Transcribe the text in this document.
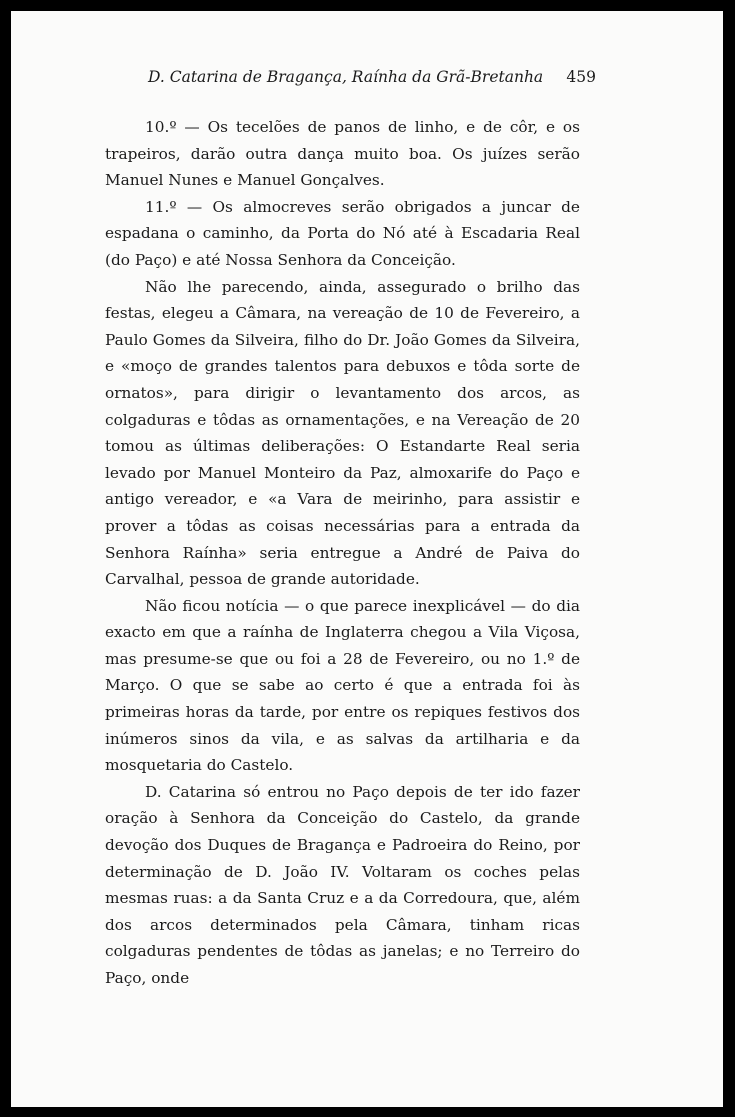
D. Catarina de Bragança, Raínha da Grã-Bretanha 459

10.º — Os tecelões de panos de linho, e de côr, e os trapeiros, darão outra dança muito boa. Os juízes serão Manuel Nunes e Manuel Gonçalves.

11.º — Os almocreves serão obrigados a juncar de espadana o caminho, da Porta do Nó até à Escadaria Real (do Paço) e até Nossa Senhora da Conceição.

Não lhe parecendo, ainda, assegurado o brilho das festas, elegeu a Câmara, na vereação de 10 de Fevereiro, a Paulo Gomes da Silveira, filho do Dr. João Gomes da Silveira, e «moço de grandes talentos para debuxos e tôda sorte de ornatos», para dirigir o levantamento dos arcos, as colgaduras e tôdas as ornamentações, e na Vereação de 20 tomou as últimas deliberações: O Estandarte Real seria levado por Manuel Monteiro da Paz, almoxarife do Paço e antigo vereador, e «a Vara de meirinho, para assistir e prover a tôdas as coisas necessárias para a entrada da Senhora Raínha» seria entregue a André de Paiva do Carvalhal, pessoa de grande autoridade.

Não ficou notícia — o que parece inexplicável — do dia exacto em que a raínha de Inglaterra chegou a Vila Viçosa, mas presume-se que ou foi a 28 de Fevereiro, ou no 1.º de Março. O que se sabe ao certo é que a entrada foi às primeiras horas da tarde, por entre os repiques festivos dos inúmeros sinos da vila, e as salvas da artilharia e da mosquetaria do Castelo.

D. Catarina só entrou no Paço depois de ter ido fazer oração à Senhora da Conceição do Castelo, da grande devoção dos Duques de Bragança e Padroeira do Reino, por determinação de D. João IV. Voltaram os coches pelas mesmas ruas: a da Santa Cruz e a da Corredoura, que, além dos arcos determinados pela Câmara, tinham ricas colgaduras pendentes de tôdas as janelas; e no Terreiro do Paço, onde
